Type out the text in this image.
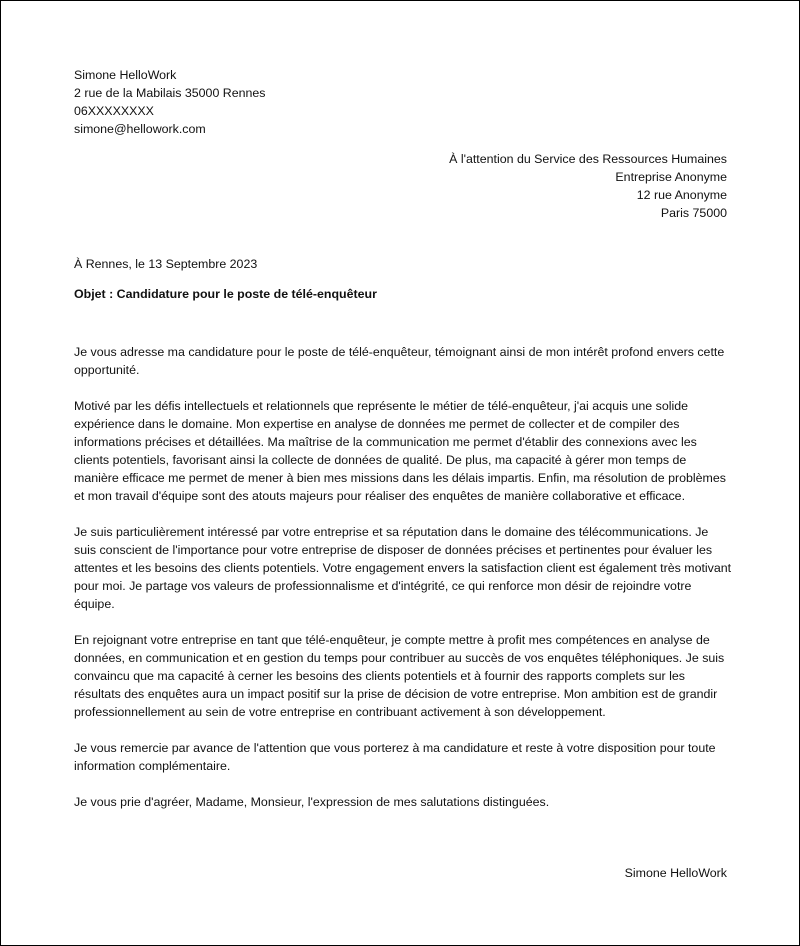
Simone HelloWork
2 rue de la Mabilais 35000 Rennes
06XXXXXXXX
simone@hellowork.com
À l'attention du Service des Ressources Humaines
Entreprise Anonyme
12 rue Anonyme
Paris 75000
À Rennes, le 13 Septembre 2023
Objet : Candidature pour le poste de télé-enquêteur

Je vous adresse ma candidature pour le poste de télé-enquêteur, témoignant ainsi de mon intérêt profond envers cette opportunité.

Motivé par les défis intellectuels et relationnels que représente le métier de télé-enquêteur, j'ai acquis une solide expérience dans le domaine. Mon expertise en analyse de données me permet de collecter et de compiler des informations précises et détaillées. Ma maîtrise de la communication me permet d'établir des connexions avec les clients potentiels, favorisant ainsi la collecte de données de qualité. De plus, ma capacité à gérer mon temps de manière efficace me permet de mener à bien mes missions dans les délais impartis. Enfin, ma résolution de problèmes et mon travail d'équipe sont des atouts majeurs pour réaliser des enquêtes de manière collaborative et efficace.

Je suis particulièrement intéressé par votre entreprise et sa réputation dans le domaine des télécommunications. Je suis conscient de l'importance pour votre entreprise de disposer de données précises et pertinentes pour évaluer les attentes et les besoins des clients potentiels. Votre engagement envers la satisfaction client est également très motivant pour moi. Je partage vos valeurs de professionnalisme et d'intégrité, ce qui renforce mon désir de rejoindre votre équipe.

En rejoignant votre entreprise en tant que télé-enquêteur, je compte mettre à profit mes compétences en analyse de données, en communication et en gestion du temps pour contribuer au succès de vos enquêtes téléphoniques. Je suis convaincu que ma capacité à cerner les besoins des clients potentiels et à fournir des rapports complets sur les résultats des enquêtes aura un impact positif sur la prise de décision de votre entreprise. Mon ambition est de grandir professionnellement au sein de votre entreprise en contribuant activement à son développement.

Je vous remercie par avance de l'attention que vous porterez à ma candidature et reste à votre disposition pour toute information complémentaire.

Je vous prie d'agréer, Madame, Monsieur, l'expression de mes salutations distinguées.

Simone HelloWork
